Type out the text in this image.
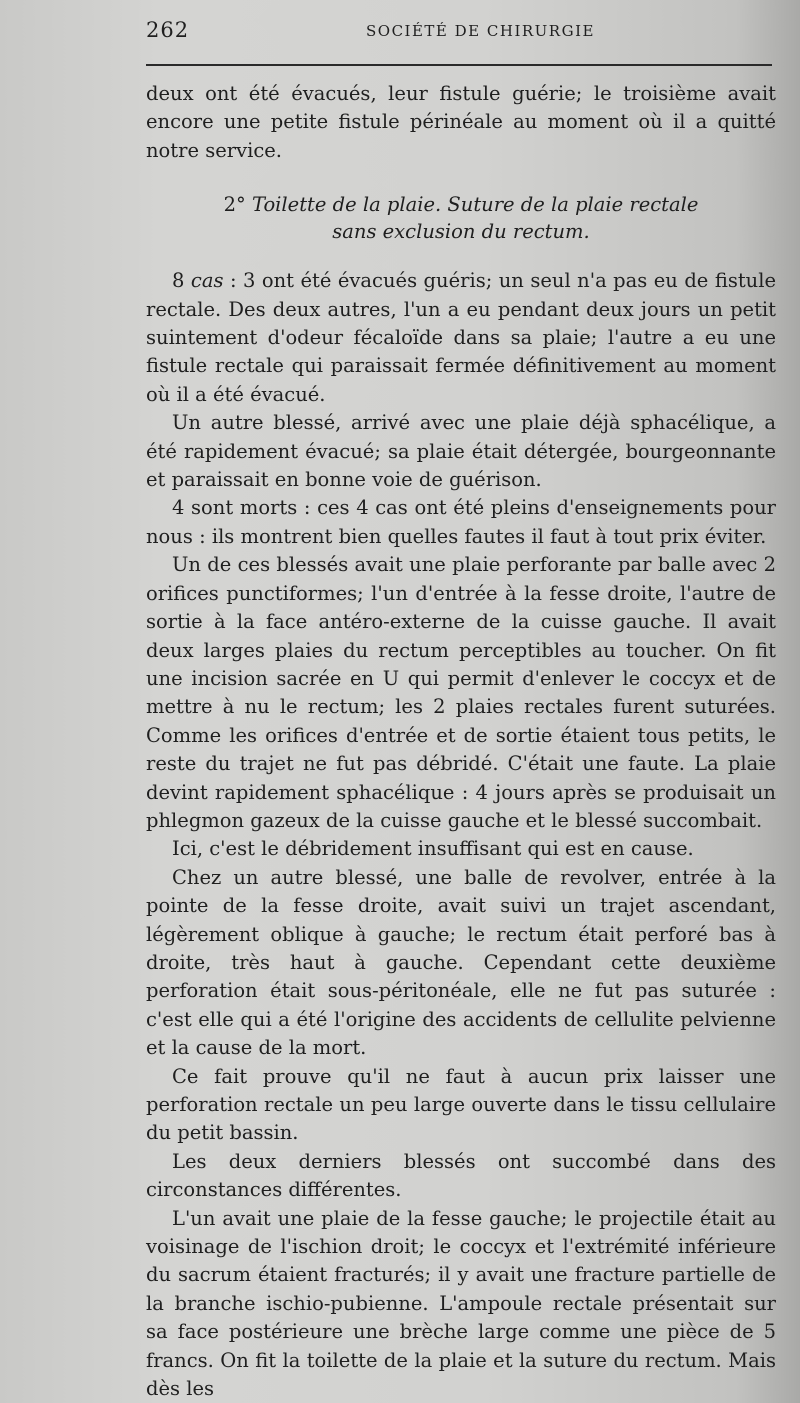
262	SOCIÉTÉ DE CHIRURGIE

deux ont été évacués, leur fistule guérie; le troisième avait encore une petite fistule périnéale au moment où il a quitté notre service.

2° Toilette de la plaie. Suture de la plaie rectale
sans exclusion du rectum.

8 cas : 3 ont été évacués guéris; un seul n'a pas eu de fistule rectale. Des deux autres, l'un a eu pendant deux jours un petit suintement d'odeur fécaloïde dans sa plaie; l'autre a eu une fistule rectale qui paraissait fermée définitivement au moment où il a été évacué.

Un autre blessé, arrivé avec une plaie déjà sphacélique, a été rapidement évacué; sa plaie était détergée, bourgeonnante et paraissait en bonne voie de guérison.

4 sont morts : ces 4 cas ont été pleins d'enseignements pour nous : ils montrent bien quelles fautes il faut à tout prix éviter.

Un de ces blessés avait une plaie perforante par balle avec 2 orifices punctiformes; l'un d'entrée à la fesse droite, l'autre de sortie à la face antéro-externe de la cuisse gauche. Il avait deux larges plaies du rectum perceptibles au toucher. On fit une incision sacrée en U qui permit d'enlever le coccyx et de mettre à nu le rectum; les 2 plaies rectales furent suturées. Comme les orifices d'entrée et de sortie étaient tous petits, le reste du trajet ne fut pas débridé. C'était une faute. La plaie devint rapidement sphacélique : 4 jours après se produisait un phlegmon gazeux de la cuisse gauche et le blessé succombait.

Ici, c'est le débridement insuffisant qui est en cause.

Chez un autre blessé, une balle de revolver, entrée à la pointe de la fesse droite, avait suivi un trajet ascendant, légèrement oblique à gauche; le rectum était perforé bas à droite, très haut à gauche. Cependant cette deuxième perforation était sous-péritonéale, elle ne fut pas suturée : c'est elle qui a été l'origine des accidents de cellulite pelvienne et la cause de la mort.

Ce fait prouve qu'il ne faut à aucun prix laisser une perforation rectale un peu large ouverte dans le tissu cellulaire du petit bassin.

Les deux derniers blessés ont succombé dans des circonstances différentes.

L'un avait une plaie de la fesse gauche; le projectile était au voisinage de l'ischion droit; le coccyx et l'extrémité inférieure du sacrum étaient fracturés; il y avait une fracture partielle de la branche ischio-pubienne. L'ampoule rectale présentait sur sa face postérieure une brèche large comme une pièce de 5 francs. On fit la toilette de la plaie et la suture du rectum. Mais dès les
